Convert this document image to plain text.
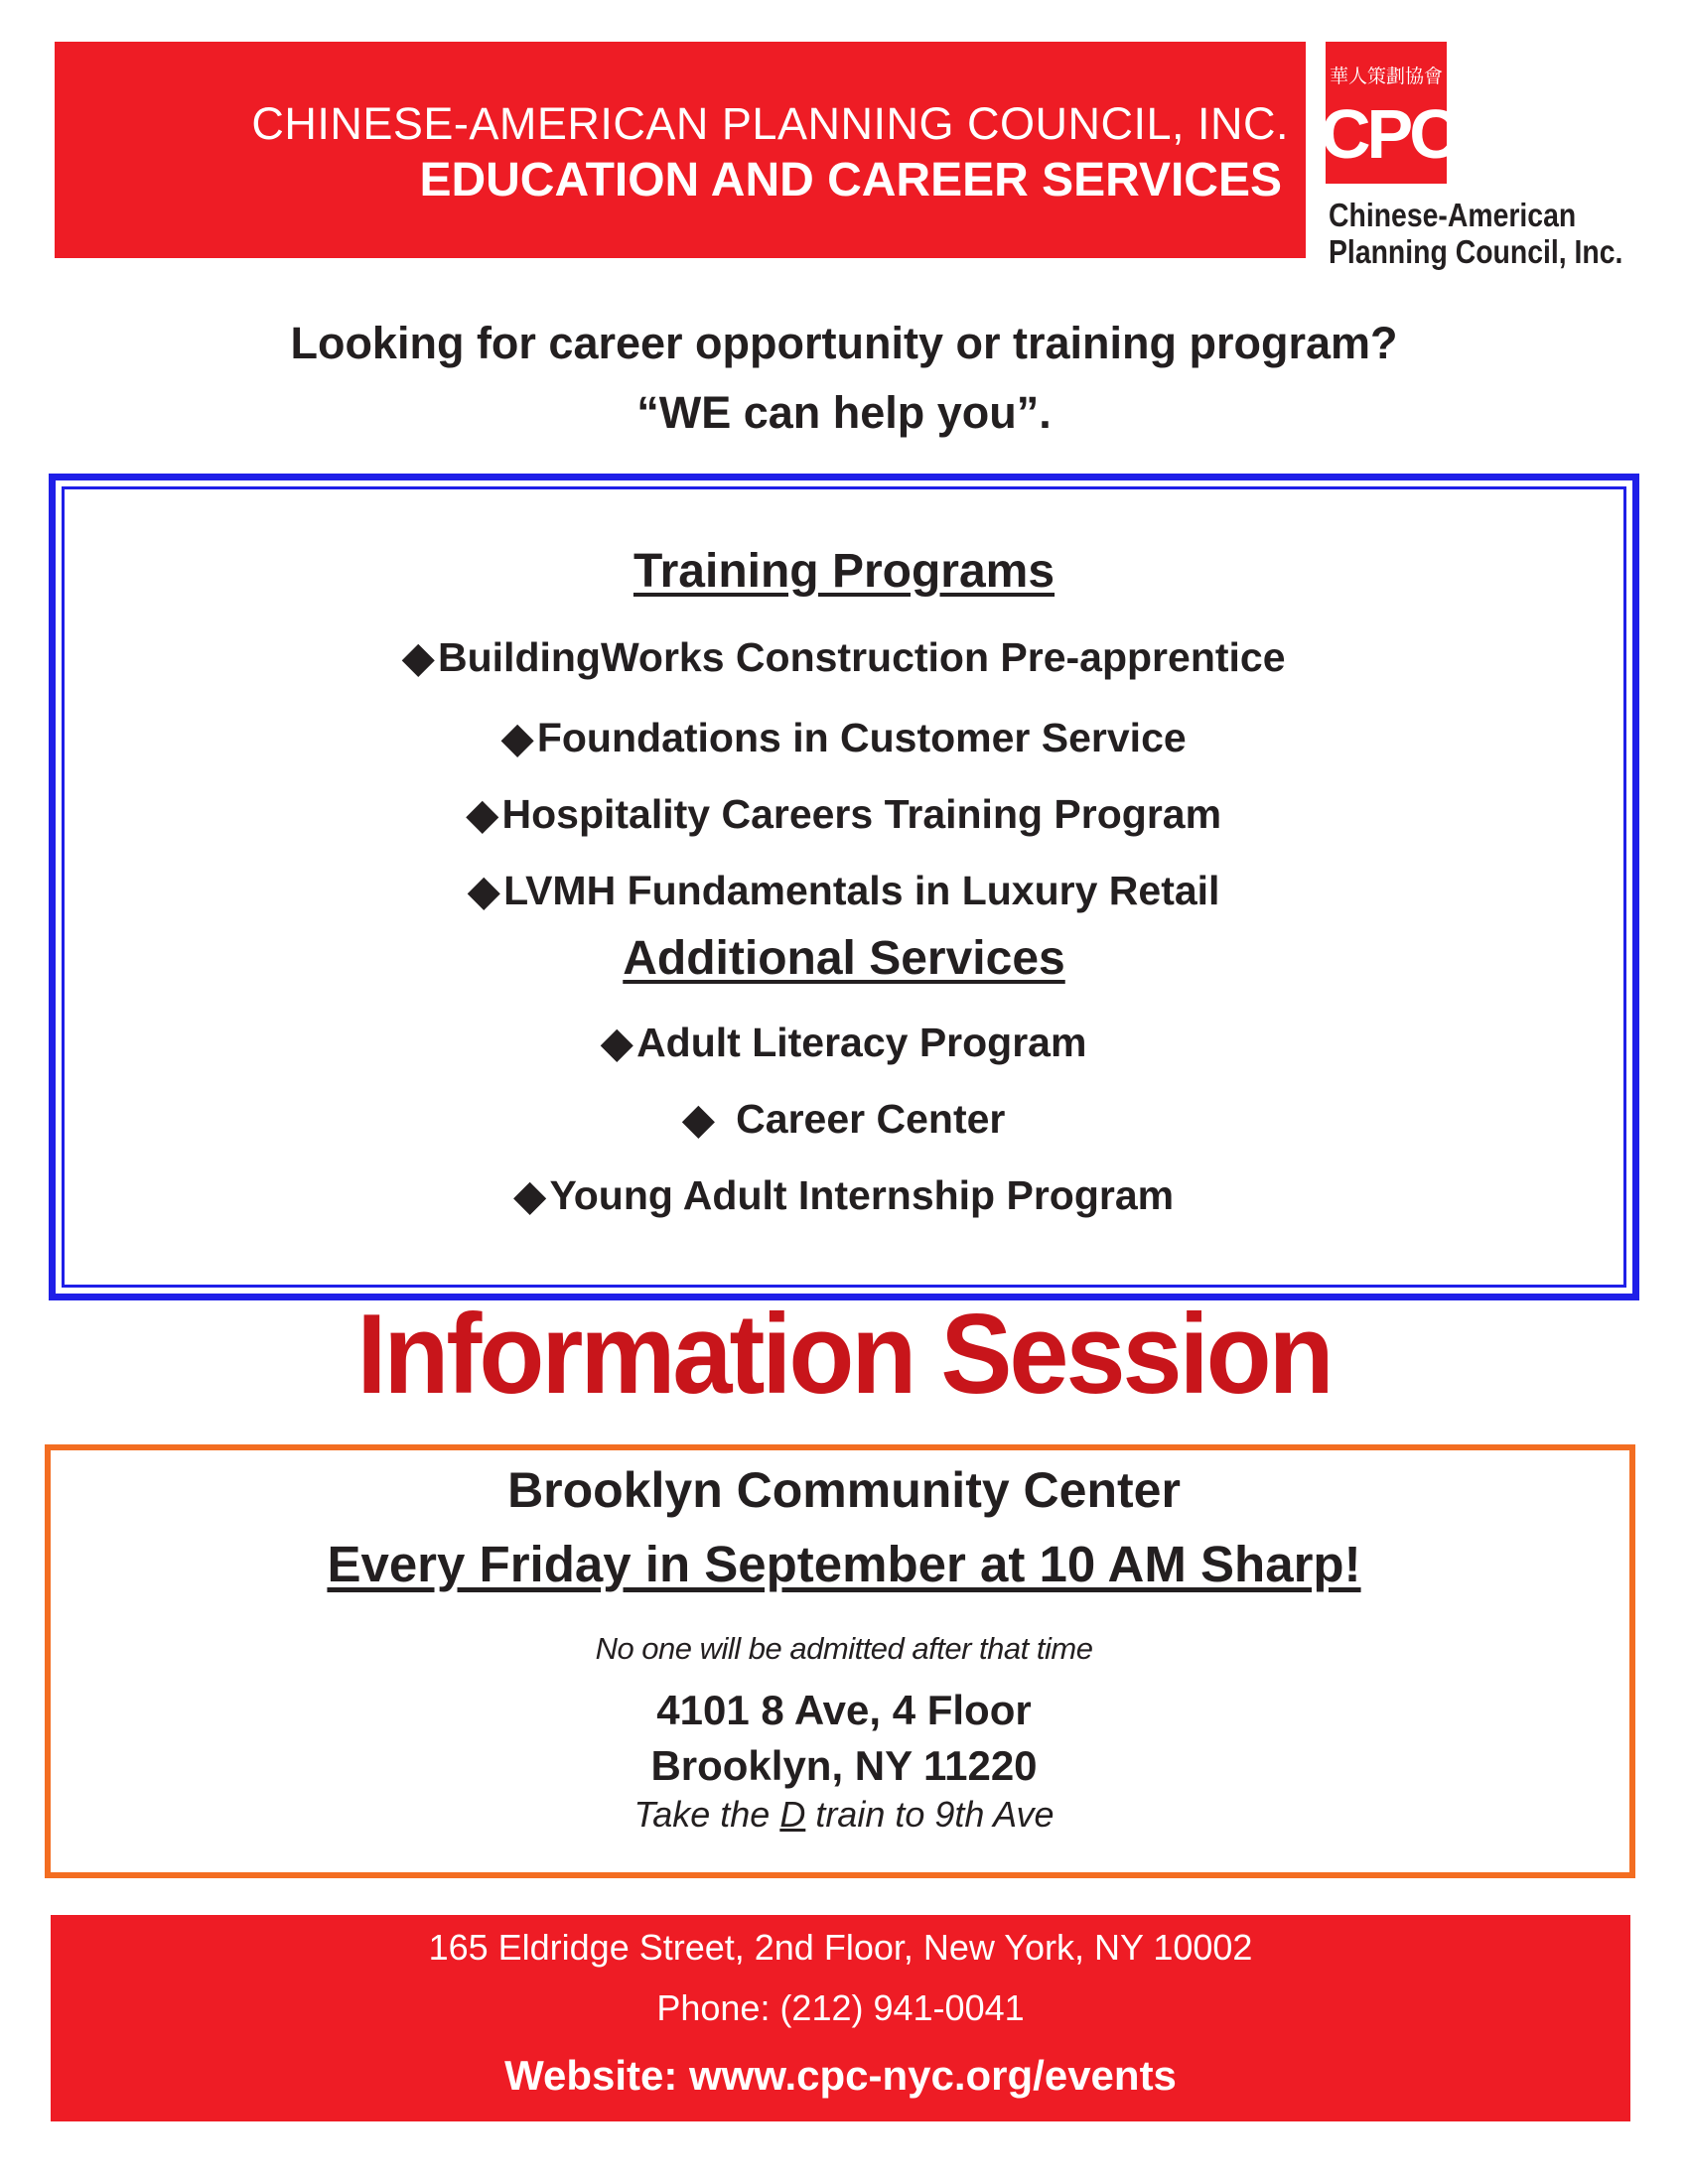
CHINESE-AMERICAN PLANNING COUNCIL, INC.
EDUCATION AND CAREER SERVICES
華人策劃協會
CPC
Chinese-American
Planning Council, Inc.
Looking for career opportunity or training program?
“WE can help you”.
Training Programs
◆BuildingWorks Construction Pre-apprentice
◆Foundations in Customer Service
◆Hospitality Careers Training Program
◆LVMH Fundamentals in Luxury Retail
Additional Services
◆Adult Literacy Program
◆ Career Center
◆Young Adult Internship Program
Information Session
Brooklyn Community Center
Every Friday in September at 10 AM Sharp!
No one will be admitted after that time
4101 8 Ave, 4 Floor
Brooklyn, NY 11220
Take the D train to 9th Ave
165 Eldridge Street, 2nd Floor, New York, NY 10002
Phone: (212) 941-0041
Website: www.cpc-nyc.org/events
